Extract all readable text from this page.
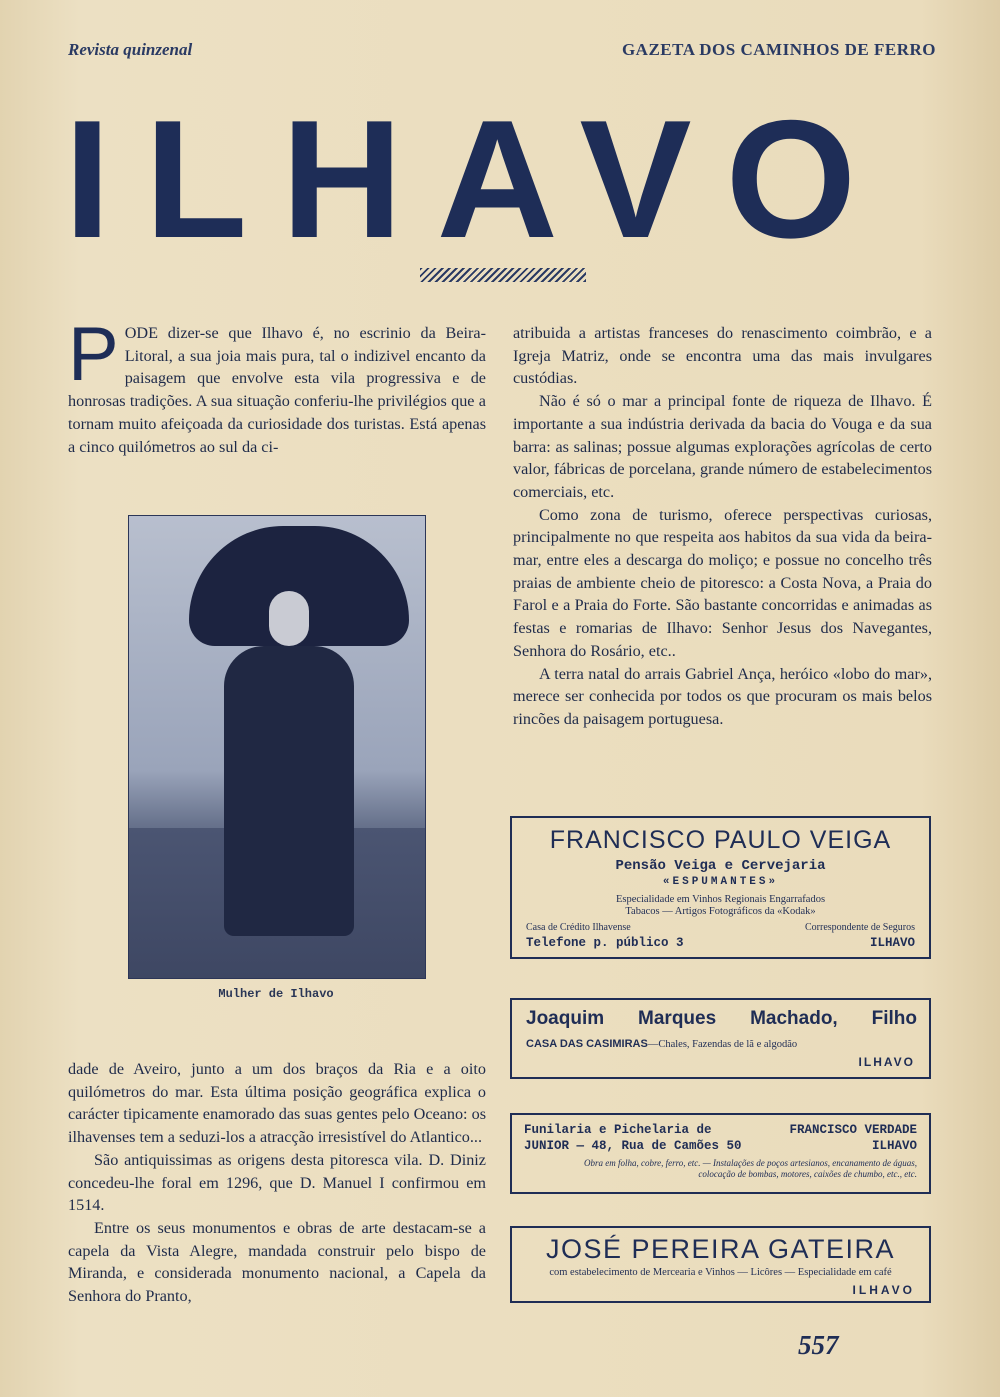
Revista quinzenal	GAZETA DOS CAMINHOS DE FERRO
ILHAVO

PODE dizer-se que Ilhavo é, no escrinio da Beira-Litoral, a sua joia mais pura, tal o indizivel encanto da paisagem que envolve esta vila progressiva e de honrosas tradições. A sua situação conferiu-lhe privilégios que a tornam muito afeiçoada da curiosidade dos turistas. Está apenas a cinco quilómetros ao sul da ci-

Mulher de Ilhavo

dade de Aveiro, junto a um dos braços da Ria e a oito quilómetros do mar. Esta última posição geográfica explica o carácter tipicamente enamorado das suas gentes pelo Oceano: os ilhavenses tem a seduzi-los a atracção irresistível do Atlantico...

São antiquissimas as origens desta pitoresca vila. D. Diniz concedeu-lhe foral em 1296, que D. Manuel I confirmou em 1514.

Entre os seus monumentos e obras de arte destacam-se a capela da Vista Alegre, mandada construir pelo bispo de Miranda, e considerada monumento nacional, a Capela da Senhora do Pranto,

atribuida a artistas franceses do renascimento coimbrão, e a Igreja Matriz, onde se encontra uma das mais invulgares custódias.

Não é só o mar a principal fonte de riqueza de Ilhavo. É importante a sua indústria derivada da bacia do Vouga e da sua barra: as salinas; possue algumas explorações agrícolas de certo valor, fábricas de porcelana, grande número de estabelecimentos comerciais, etc.

Como zona de turismo, oferece perspectivas curiosas, principalmente no que respeita aos habitos da sua vida da beira-mar, entre eles a descarga do moliço; e possue no concelho três praias de ambiente cheio de pitoresco: a Costa Nova, a Praia do Farol e a Praia do Forte. São bastante concorridas e animadas as festas e romarias de Ilhavo: Senhor Jesus dos Navegantes, Senhora do Rosário, etc..

A terra natal do arrais Gabriel Ança, heróico «lobo do mar», merece ser conhecida por todos os que procuram os mais belos rincões da paisagem portuguesa.

FRANCISCO PAULO VEIGA
Pensão Veiga e Cervejaria
«ESPUMANTES»
Especialidade em Vinhos Regionais Engarrafados
Tabacos — Artigos Fotográficos da «Kodak»
Casa de Crédito Ilhavense	Correspondente de Seguros
Telefone p. público 3	ILHAVO
Joaquim Marques Machado, Filho
CASA DAS CASIMIRAS—Chales, Fazendas de lã e algodão
ILHAVO
Funilaria e Pichelaria de	FRANCISCO VERDADE
JUNIOR — 48, Rua de Camões 50	ILHAVO
Obra em folha, cobre, ferro, etc. — Instalações de poços artesianos, encanamento de águas, colocação de bombas, motores, caixões de chumbo, etc., etc.
JOSÉ PEREIRA GATEIRA
com estabelecimento de Mercearia e Vinhos — Licôres — Especialidade em café
ILHAVO
557
